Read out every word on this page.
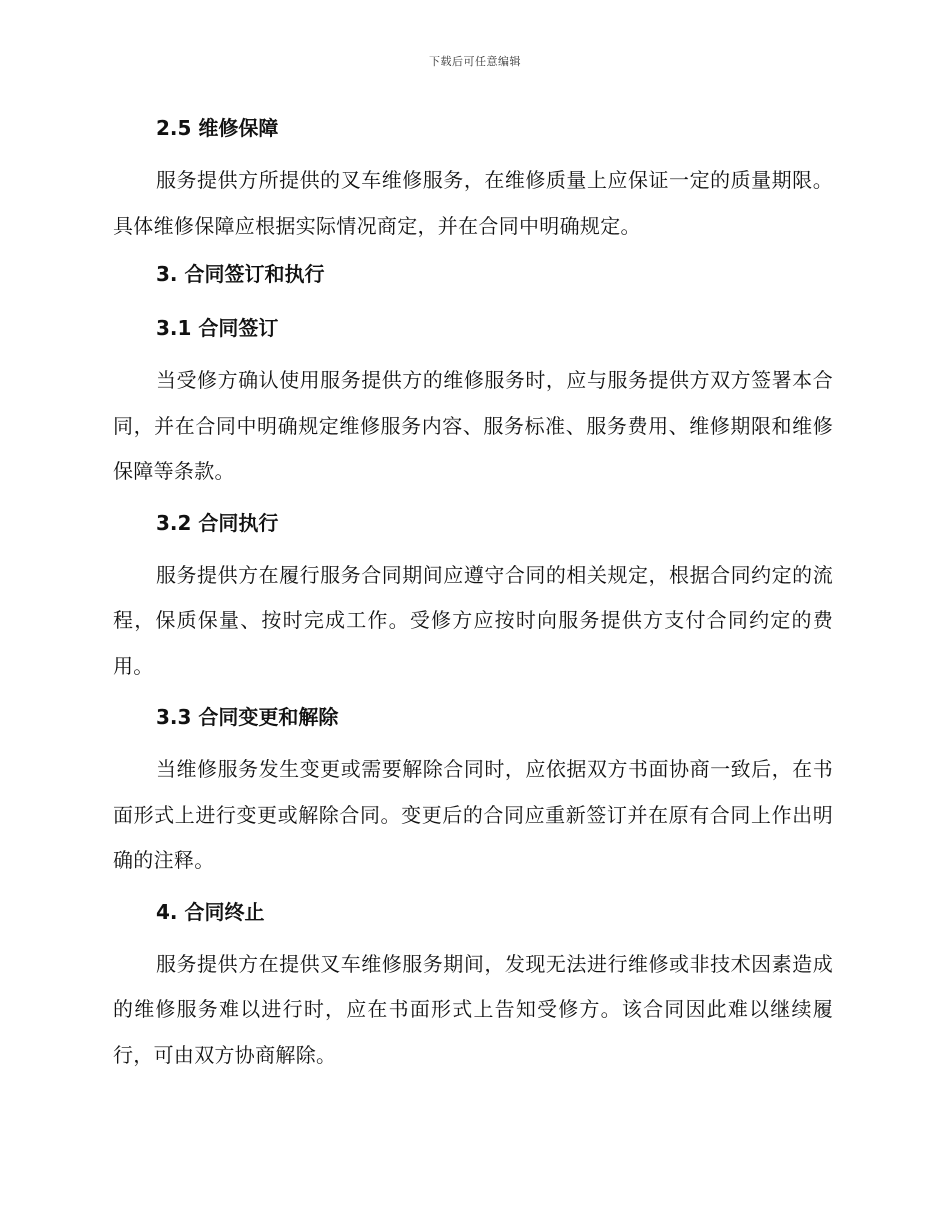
下载后可任意编辑
2.5 维修保障

服务提供方所提供的叉车维修服务，在维修质量上应保证一定的质量期限。具体维修保障应根据实际情况商定，并在合同中明确规定。

3. 合同签订和执行
3.1 合同签订

当受修方确认使用服务提供方的维修服务时，应与服务提供方双方签署本合同，并在合同中明确规定维修服务内容、服务标准、服务费用、维修期限和维修保障等条款。

3.2 合同执行

服务提供方在履行服务合同期间应遵守合同的相关规定，根据合同约定的流程，保质保量、按时完成工作。受修方应按时向服务提供方支付合同约定的费用。

3.3 合同变更和解除

当维修服务发生变更或需要解除合同时，应依据双方书面协商一致后，在书面形式上进行变更或解除合同。变更后的合同应重新签订并在原有合同上作出明确的注释。

4. 合同终止

服务提供方在提供叉车维修服务期间，发现无法进行维修或非技术因素造成的维修服务难以进行时，应在书面形式上告知受修方。该合同因此难以继续履行，可由双方协商解除。
